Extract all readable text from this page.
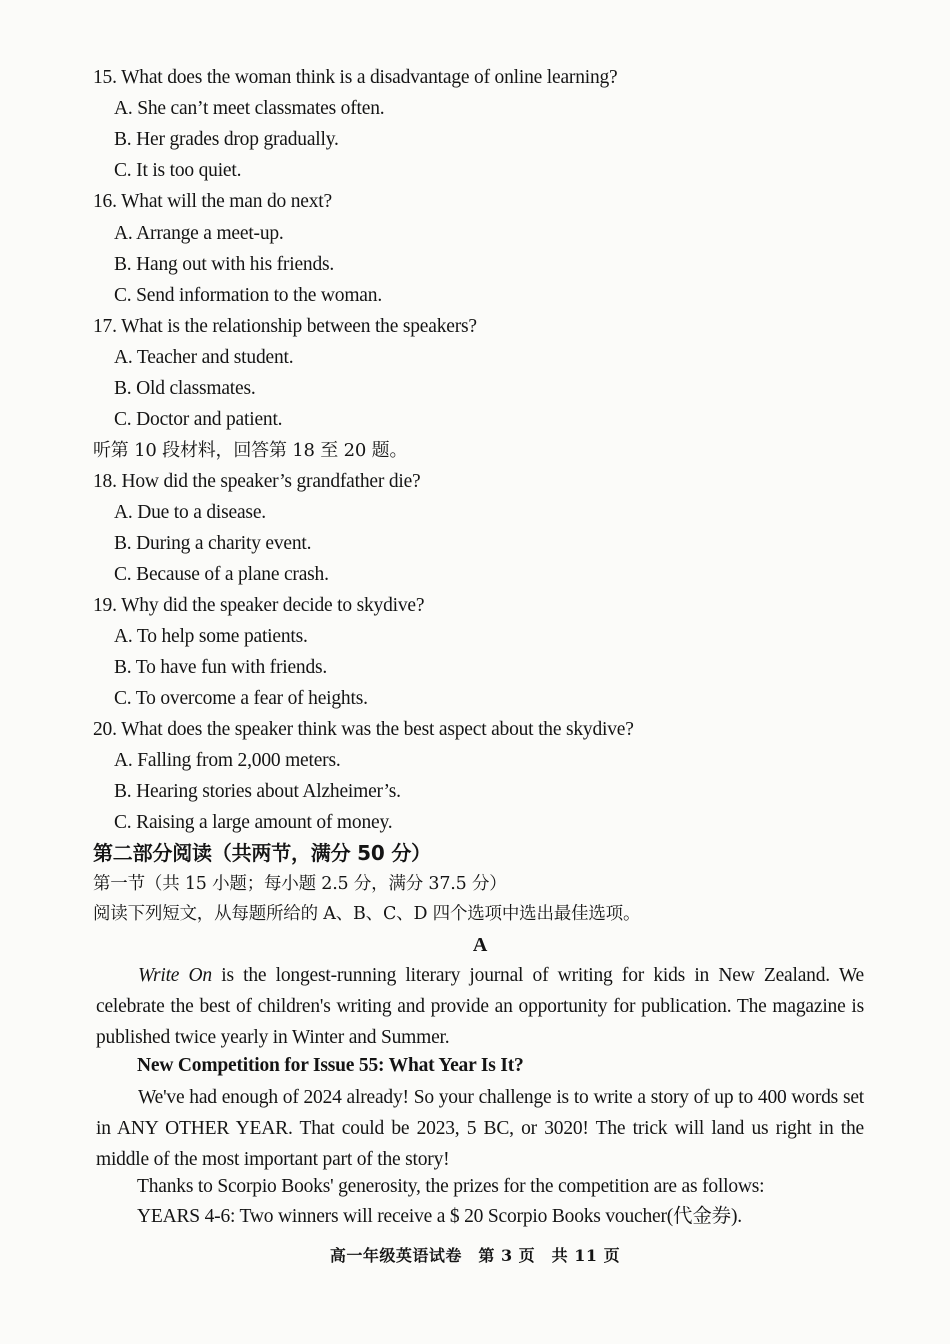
15. What does the woman think is a disadvantage of online learning?
A. She can’t meet classmates often.
B. Her grades drop gradually.
C. It is too quiet.
16. What will the man do next?
A. Arrange a meet-up.
B. Hang out with his friends.
C. Send information to the woman.
17. What is the relationship between the speakers?
A. Teacher and student.
B. Old classmates.
C. Doctor and patient.
听第 10 段材料，回答第 18 至 20 题。
18. How did the speaker’s grandfather die?
A. Due to a disease.
B. During a charity event.
C. Because of a plane crash.
19. Why did the speaker decide to skydive?
A. To help some patients.
B. To have fun with friends.
C. To overcome a fear of heights.
20. What does the speaker think was the best aspect about the skydive?
A. Falling from 2,000 meters.
B. Hearing stories about Alzheimer’s.
C. Raising a large amount of money.
第二部分阅读（共两节，满分 50 分）
第一节（共 15 小题；每小题 2.5 分，满分 37.5 分）
阅读下列短文，从每题所给的 A、B、C、D 四个选项中选出最佳选项。
A
Write On is the longest-running literary journal of writing for kids in New Zealand. We celebrate the best of children's writing and provide an opportunity for publication. The magazine is published twice yearly in Winter and Summer.
New Competition for Issue 55: What Year Is It?
We've had enough of 2024 already! So your challenge is to write a story of up to 400 words set in ANY OTHER YEAR. That could be 2023, 5 BC, or 3020! The trick will land us right in the middle of the most important part of the story!
Thanks to Scorpio Books' generosity, the prizes for the competition are as follows:
YEARS 4-6: Two winners will receive a $ 20 Scorpio Books voucher(代金券).
高一年级英语试卷　第 3 页　共 11 页
